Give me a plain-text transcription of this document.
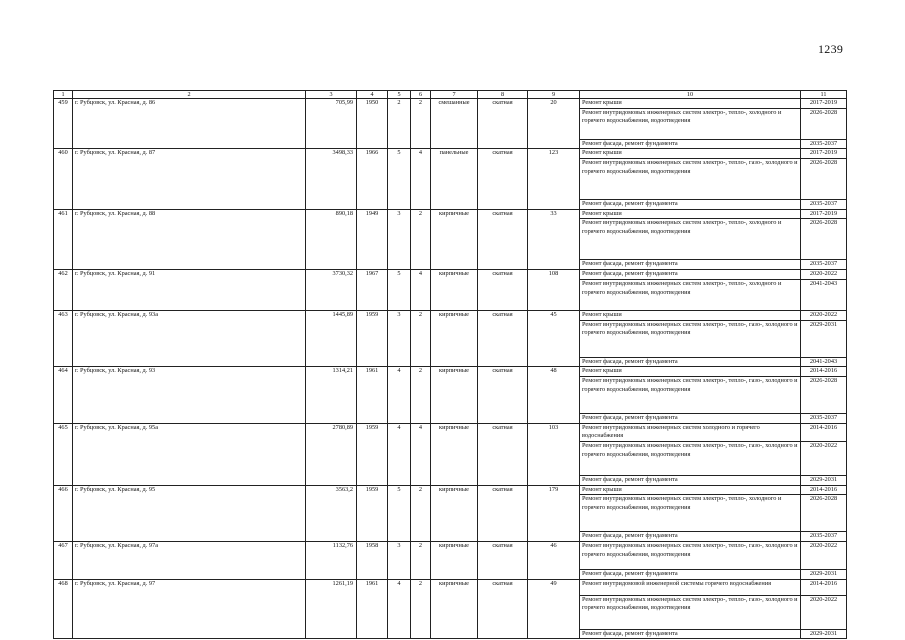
1239
1	2	3	4	5	6	7	8	9	10	11
459	г. Рубцовск, ул. Красная, д. 86	705,99	1950	2	2	смешанные	скатная	20	Ремонт крыши	2017-2019
									Ремонт внутридомовых инженерных систем электро-, тепло-, холодного и горячего водоснабжения, водоотведения	2026-2028
									Ремонт фасада, ремонт фундамента	2035-2037
460	г. Рубцовск, ул. Красная, д. 87	3498,33	1966	5	4	панельные	скатная	123	Ремонт крыши	2017-2019
									Ремонт внутридомовых инженерных систем электро-, тепло-, газо-, холодного и горячего водоснабжения, водоотведения	2026-2028
									Ремонт фасада, ремонт фундамента	2035-2037
461	г. Рубцовск, ул. Красная, д. 88	890,18	1949	3	2	кирпичные	скатная	33	Ремонт крыши	2017-2019
									Ремонт внутридомовых инженерных систем электро-, тепло-, холодного и горячего водоснабжения, водоотведения	2026-2028
									Ремонт фасада, ремонт фундамента	2035-2037
462	г. Рубцовск, ул. Красная, д. 91	3730,32	1967	5	4	кирпичные	скатная	108	Ремонт фасада, ремонт фундамента	2020-2022
									Ремонт внутридомовых инженерных систем электро-, тепло-, холодного и горячего водоснабжения, водоотведения	2041-2043
463	г. Рубцовск, ул. Красная, д. 93а	1445,89	1959	3	2	кирпичные	скатная	45	Ремонт крыши	2020-2022
									Ремонт внутридомовых инженерных систем электро-, тепло-, газо-, холодного и горячего водоснабжения, водоотведения	2029-2031
									Ремонт фасада, ремонт фундамента	2041-2043
464	г. Рубцовск, ул. Красная, д. 93	1314,21	1961	4	2	кирпичные	скатная	48	Ремонт крыши	2014-2016
									Ремонт внутридомовых инженерных систем электро-, тепло-, газо-, холодного и горячего водоснабжения, водоотведения	2026-2028
									Ремонт фасада, ремонт фундамента	2035-2037
465	г. Рубцовск, ул. Красная, д. 95а	2780,89	1959	4	4	кирпичные	скатная	103	Ремонт внутридомовых инженерных систем холодного и горячего водоснабжения	2014-2016
									Ремонт внутридомовых инженерных систем электро-, тепло-, газо-, холодного и горячего водоснабжения, водоотведения	2020-2022
									Ремонт фасада, ремонт фундамента	2029-2031
466	г. Рубцовск, ул. Красная, д. 95	3563,2	1959	5	2	кирпичные	скатная	179	Ремонт крыши	2014-2016
									Ремонт внутридомовых инженерных систем электро-, тепло-, холодного и горячего водоснабжения, водоотведения	2026-2028
									Ремонт фасада, ремонт фундамента	2035-2037
467	г. Рубцовск, ул. Красная, д. 97а	1132,76	1958	3	2	кирпичные	скатная	46	Ремонт внутридомовых инженерных систем электро-, тепло-, газо-, холодного и горячего водоснабжения, водоотведения	2020-2022
									Ремонт фасада, ремонт фундамента	2029-2031
468	г. Рубцовск, ул. Красная, д. 97	1261,19	1961	4	2	кирпичные	скатная	49	Ремонт внутридомовой инженерной системы горячего водоснабжения	2014-2016
									Ремонт внутридомовых инженерных систем электро-, тепло-, газо-, холодного и горячего водоснабжения, водоотведения	2020-2022
									Ремонт фасада, ремонт фундамента	2029-2031
